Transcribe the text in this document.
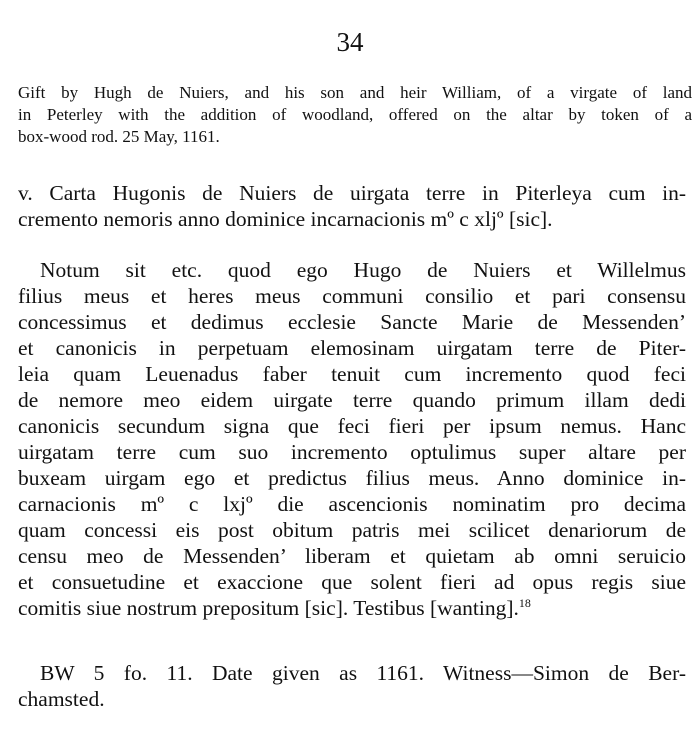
34
Gift by Hugh de Nuiers, and his son and heir William, of a virgate of land
in Peterley with the addition of woodland, offered on the altar by token of a
box-wood rod. 25 May, 1161.
v. Carta Hugonis de Nuiers de uirgata terre in Piterleya cum in-
cremento nemoris anno dominice incarnacionis mº c xljº [sic].
Notum sit etc. quod ego Hugo de Nuiers et Willelmus
filius meus et heres meus communi consilio et pari consensu
concessimus et dedimus ecclesie Sancte Marie de Messenden’
et canonicis in perpetuam elemosinam uirgatam terre de Piter-
leia quam Leuenadus faber tenuit cum incremento quod feci
de nemore meo eidem uirgate terre quando primum illam dedi
canonicis secundum signa que feci fieri per ipsum nemus. Hanc
uirgatam terre cum suo incremento optulimus super altare per
buxeam uirgam ego et predictus filius meus. Anno dominice in-
carnacionis mº c lxjº die ascencionis nominatim pro decima
quam concessi eis post obitum patris mei scilicet denariorum de
censu meo de Messenden’ liberam et quietam ab omni seruicio
et consuetudine et exaccione que solent fieri ad opus regis siue
comitis siue nostrum prepositum [sic]. Testibus [wanting].$^{18}$
BW 5 fo. 11. Date given as 1161. Witness—Simon de Ber-
chamsted.
